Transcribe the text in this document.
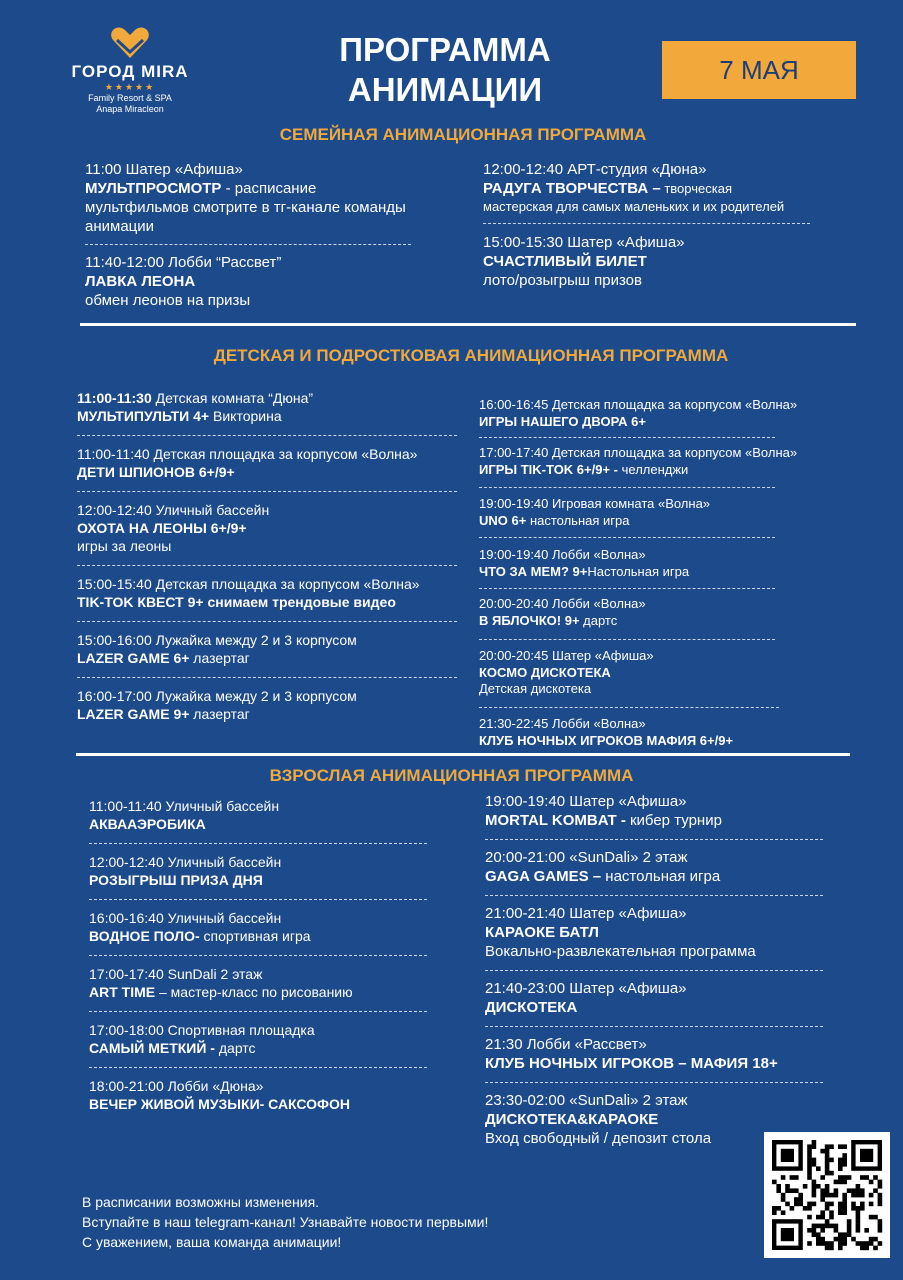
ГОРОД MIRA
★★★★★
Family Resort & SPA
Anapa Miracleon
ПРОГРАММА
АНИМАЦИИ
7 МАЯ
СЕМЕЙНАЯ АНИМАЦИОННАЯ ПРОГРАММА
11:00 Шатер «Афиша»
МУЛЬТПРОСМОТР - расписание
мультфильмов смотрите в тг-канале команды
анимации
11:40-12:00 Лобби “Рассвет”
ЛАВКА ЛЕОНА
обмен леонов на призы
12:00-12:40 АРТ-студия «Дюна»
РАДУГА ТВОРЧЕСТВА – творческая
мастерская для самых маленьких и их родителей
15:00-15:30 Шатер «Афиша»
СЧАСТЛИВЫЙ БИЛЕТ
лото/розыгрыш призов
ДЕТСКАЯ И ПОДРОСТКОВАЯ АНИМАЦИОННАЯ ПРОГРАММА
11:00-11:30 Детская комната “Дюна”
МУЛЬТИПУЛЬТИ 4+ Викторина
11:00-11:40 Детская площадка за корпусом «Волна»
ДЕТИ ШПИОНОВ 6+/9+
12:00-12:40 Уличный бассейн
ОХОТА НА ЛЕОНЫ 6+/9+
игры за леоны
15:00-15:40 Детская площадка за корпусом «Волна»
TIK-TOK КВЕСТ 9+ снимаем трендовые видео
15:00-16:00 Лужайка между 2 и 3 корпусом
LAZER GAME 6+ лазертаг
16:00-17:00 Лужайка между 2 и 3 корпусом
LAZER GAME 9+ лазертаг
16:00-16:45 Детская площадка за корпусом «Волна»
ИГРЫ НАШЕГО ДВОРА 6+
17:00-17:40 Детская площадка за корпусом «Волна»
ИГРЫ TIK-TOK 6+/9+ - челленджи
19:00-19:40 Игровая комната «Волна»
UNO 6+ настольная игра
19:00-19:40 Лобби «Волна»
ЧТО ЗА МЕМ? 9+Настольная игра
20:00-20:40 Лобби «Волна»
В ЯБЛОЧКО! 9+ дартс
20:00-20:45 Шатер «Афиша»
КОСМО ДИСКОТЕКА
Детская дискотека
21:30-22:45 Лобби «Волна»
КЛУБ НОЧНЫХ ИГРОКОВ МАФИЯ 6+/9+
ВЗРОСЛАЯ АНИМАЦИОННАЯ ПРОГРАММА
11:00-11:40 Уличный бассейн
АКВААЭРОБИКА
12:00-12:40 Уличный бассейн
РОЗЫГРЫШ ПРИЗА ДНЯ
16:00-16:40 Уличный бассейн
ВОДНОЕ ПОЛО- спортивная игра
17:00-17:40 SunDali 2 этаж
ART TIME – мастер-класс по рисованию
17:00-18:00 Спортивная площадка
САМЫЙ МЕТКИЙ - дартс
18:00-21:00 Лобби «Дюна»
ВЕЧЕР ЖИВОЙ МУЗЫКИ- САКСОФОН
19:00-19:40 Шатер «Афиша»
MORTAL KOMBAT - кибер турнир
20:00-21:00 «SunDali» 2 этаж
GAGA GAMES – настольная игра
21:00-21:40 Шатер «Афиша»
КАРАОКЕ БАТЛ
Вокально-развлекательная программа
21:40-23:00 Шатер «Афиша»
ДИСКОТЕКА
21:30 Лобби «Рассвет»
КЛУБ НОЧНЫХ ИГРОКОВ – МАФИЯ 18+
23:30-02:00 «SunDali» 2 этаж
ДИСКОТЕКА&КАРАОКЕ
Вход свободный / депозит стола
В расписании возможны изменения.
Вступайте в наш telegram-канал! Узнавайте новости первыми!
С уважением, ваша команда анимации!
